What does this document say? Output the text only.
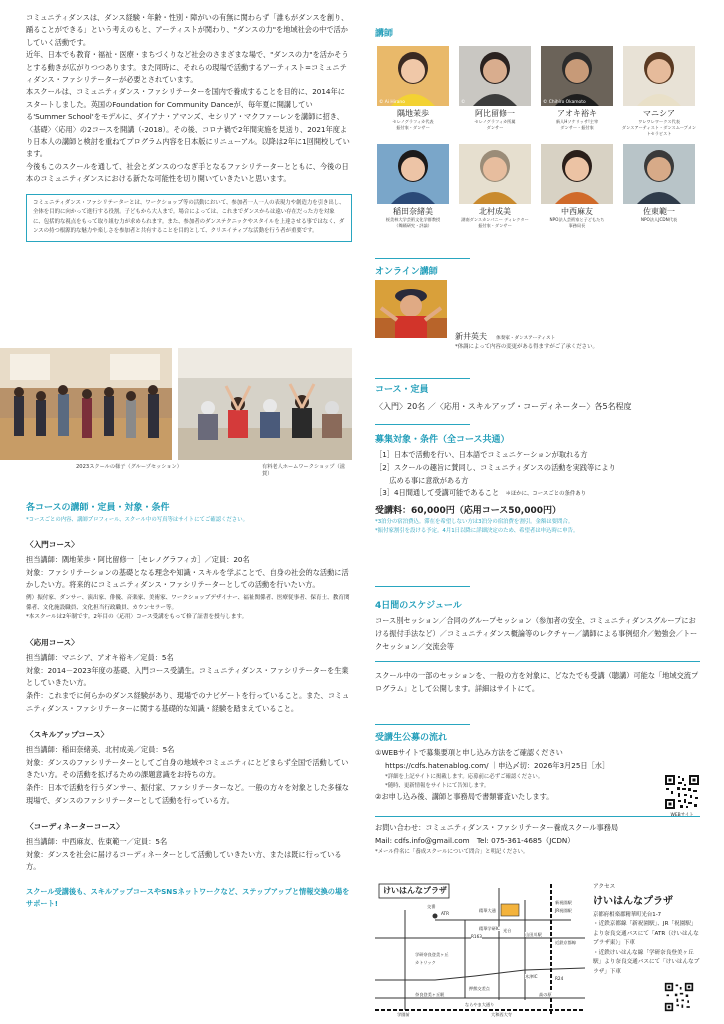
コミュニティダンスは、ダンス経験・年齢・性別・障がいの有無に関わらず「誰もがダンスを創り、踊ることができる」という考えのもと、アーティストが関わり、"ダンスの力"を地域社会の中で活かしていく活動です。

近年、日本でも教育・福祉・医療・まちづくりなど社会のさまざまな場で、"ダンスの力"を活かそうとする動きが広がりつつあります。また同時に、それらの現場で活動するアーティスト=コミュニティダンス・ファシリテーターが必要とされています。

本スクールは、コミュニティダンス・ファシリテーターを国内で養成することを目的に、2014年にスタートしました。英国のFoundation for Community Danceが、毎年夏に開講している'Summer School'をモデルに、ダイアナ・アマンズ、セシリア・マクファーレンを講師に招き、〈基礎〉〈応用〉の2コースを開講（-2018）。その後、コロナ禍で2年間実施を見送り、2021年度より日本人の講師と検討を重ねてプログラム内容を日本版にリニューアル。以降は2年に1回開校しています。

今後もこのスクールを通して、社会とダンスのつなぎ手となるファシリテーターとともに、今後の日本のコミュニティダンスにおける新たな可能性を切り開いていきたいと思います。

コミュニティダンス・ファシリテーターとは、ワークショップ等の活動において、参加者一人一人の表現力や創造力を引き出し、全体を目的に向かって進行する役割。子どもから大人まで。場合によっては、これまでダンスからは遠い存在だった方を対象に、包括的な視点をもって取り組む力が求められます。また、参加者のダンステクニックやスタイルを上達させる事ではなく、ダンスの持つ根源的な魅力や楽しさを参加者と共有することを目的として、クリエイティブな活動を行う者が重要です。
2023スクールの様子（グループセッション）	有料老人ホームワークショップ（滋賀）
各コースの講師・定員・対象・条件
*コースごとの内容、講師プロフィール、スクール中の写真等はサイトにてご確認ください。
〈入門コース〉
担当講師：隅地茉歩・阿比留修一［セレノグラフィカ］／定員：20名
対象：ファシリテーションの基礎となる理念や知識・スキルを学ぶことで、自身の社会的な活動に活かしたい方。将来的にコミュニティダンス・ファシリテーターとしての活動を行いたい方。
例）振付家、ダンサー、演出家、俳優、音楽家、美術家、ワークショップデザイナー、福祉関係者、医療従事者、保育士、教育関係者、文化施設職員、文化担当行政職員、カウンセラー等。
*本スクールは2年制です。2年目の〈応用〉コース受講をもって修了証書を授与します。
〈応用コース〉
担当講師：マニシア、アオキ裕キ／定員：5名
対象：2014－2023年度の基礎、入門コース受講生。コミュニティダンス・ファシリテーターを生業としていきたい方。
条件：これまでに何らかのダンス経験があり、現場でのナビゲートを行っていること。また、コミュニティダンス・ファシリテーターに関する基礎的な知識・経験を踏まえていること。
〈スキルアップコース〉
担当講師：稲田奈緒美、北村成美／定員：5名
対象：ダンスのファシリテーターとしてご自身の地域やコミュニティにとどまらず全国で活動していきたい方。その活動を拡げるための課題意識をお持ちの方。
条件：日本で活動を行うダンサー、振付家、ファシリテーターなど。一般の方々を対象とした多様な現場で、ダンスのファシリテーターとして活動を行っている方。
〈コーディネーターコース〉
担当講師：中西麻友、佐東範一／定員：5名
対象：ダンスを社会に届けるコーディネーターとして活動していきたい方、または既に行っている方。
スクール受講後も、スキルアップコースやSNSネットワークなど、ステップアップと情報交換の場をサポート!
講師
© Ai Hirano
隅地茉歩
セレノグラフィカ代表
振付家・ダンサー
©
阿比留修一
セレノグラフィカ所属
ダンサー
© Chihiro Okamoto
アオキ裕キ
新人Hソケリッサ!主宰
ダンサー・振付家
マニシア
ワレワレワークス代表
ダンスアーティスト・ダンスムーブメントセラピスト
稲田奈緒美
桜美林大学芸術文化学群教授
（舞踊研究・評論）
北村成美
湖南ダンスカンパニー ディレクター
振付家・ダンサー
中西麻友
NPO法人芸術家と子どもたち
事務局長
佐東範一
NPO法人JCDN代表
オンライン講師
新井英夫 体奏家・ダンスアーティスト
*体調によって内容の変更がある得ますがご了承ください。
コース・定員
〈入門〉20名 ／〈応用・スキルアップ・コーディネーター〉各5名程度
募集対象・条件（全コース共通）
［1］日本で活動を行い、日本語でコミュニケーションが取れる方
［2］スクールの趣旨に賛同し、コミュニティダンスの活動を実践等により
　　広める事に意欲がある方
［3］4日間通して受講可能であること ＊ほかに、コースごとの条件あり
受講料：60,000円（応用コース50,000円）
*3泊分の宿泊費込。滞在を希望しない方は3泊分の宿泊費を割引。金額は要問合。
*振付家割引を設ける予定。4月1日以降に詳細決定のため、希望者は申込時に申告。
4日間のスケジュール
コース別セッション／合同のグループセッション（参加者の安全、コミュニティダンスグループにおける振付手法など）／コミュニティダンス概論等のレクチャー／講師による事例紹介／勉強会／トークセッション／交流会等
スクール中の一部のセッションを、一般の方を対象に、どなたでも受講（聴講）可能な「地域交流プログラム」として公開します。詳細はサイトにて。
受講生公募の流れ
①WEBサイトで募集要項と申し込み方法をご確認ください
https://cdfs.hatenablog.com/ ｜申込〆切：2026年3月25日［水］
*詳細を上記サイトに掲載します。応募前に必ずご確認ください。
*随時、更新情報をサイトにて告知します。
②お申し込み後、講師と事務局で書類審査いたします。
お問い合わせ：コミュニティダンス・ファシリテーター養成スクール事務局
Mail: cdfs.info@gmail.com　Tel: 075-361-4685（JCDN）
*メール件名に「養成スクールについて問合」と明記ください。
けいはんなプラザ
交番
ATR
精華大通
精華学研IC
R163	山田川駅
学研奈良登美ヶ丘
カトリック
近鉄京都線
新祝園駅
JR祝園駅
木津IC	R24
奈良登美ヶ丘駅
押熊交差点
ならやま大通り
学園前	大和西大寺
高の原
光台
アクセス
けいはんなプラザ
京都府相楽郡精華町光台1-7
・近鉄京都線「新祝園駅」、JR「祝園駅」より奈良交通バスにて「ATR（けいはんなプラザ東）」下車
・近鉄けいはんな線「学研奈良登美ヶ丘駅」より奈良交通バスにて「けいはんなプラザ」下車
